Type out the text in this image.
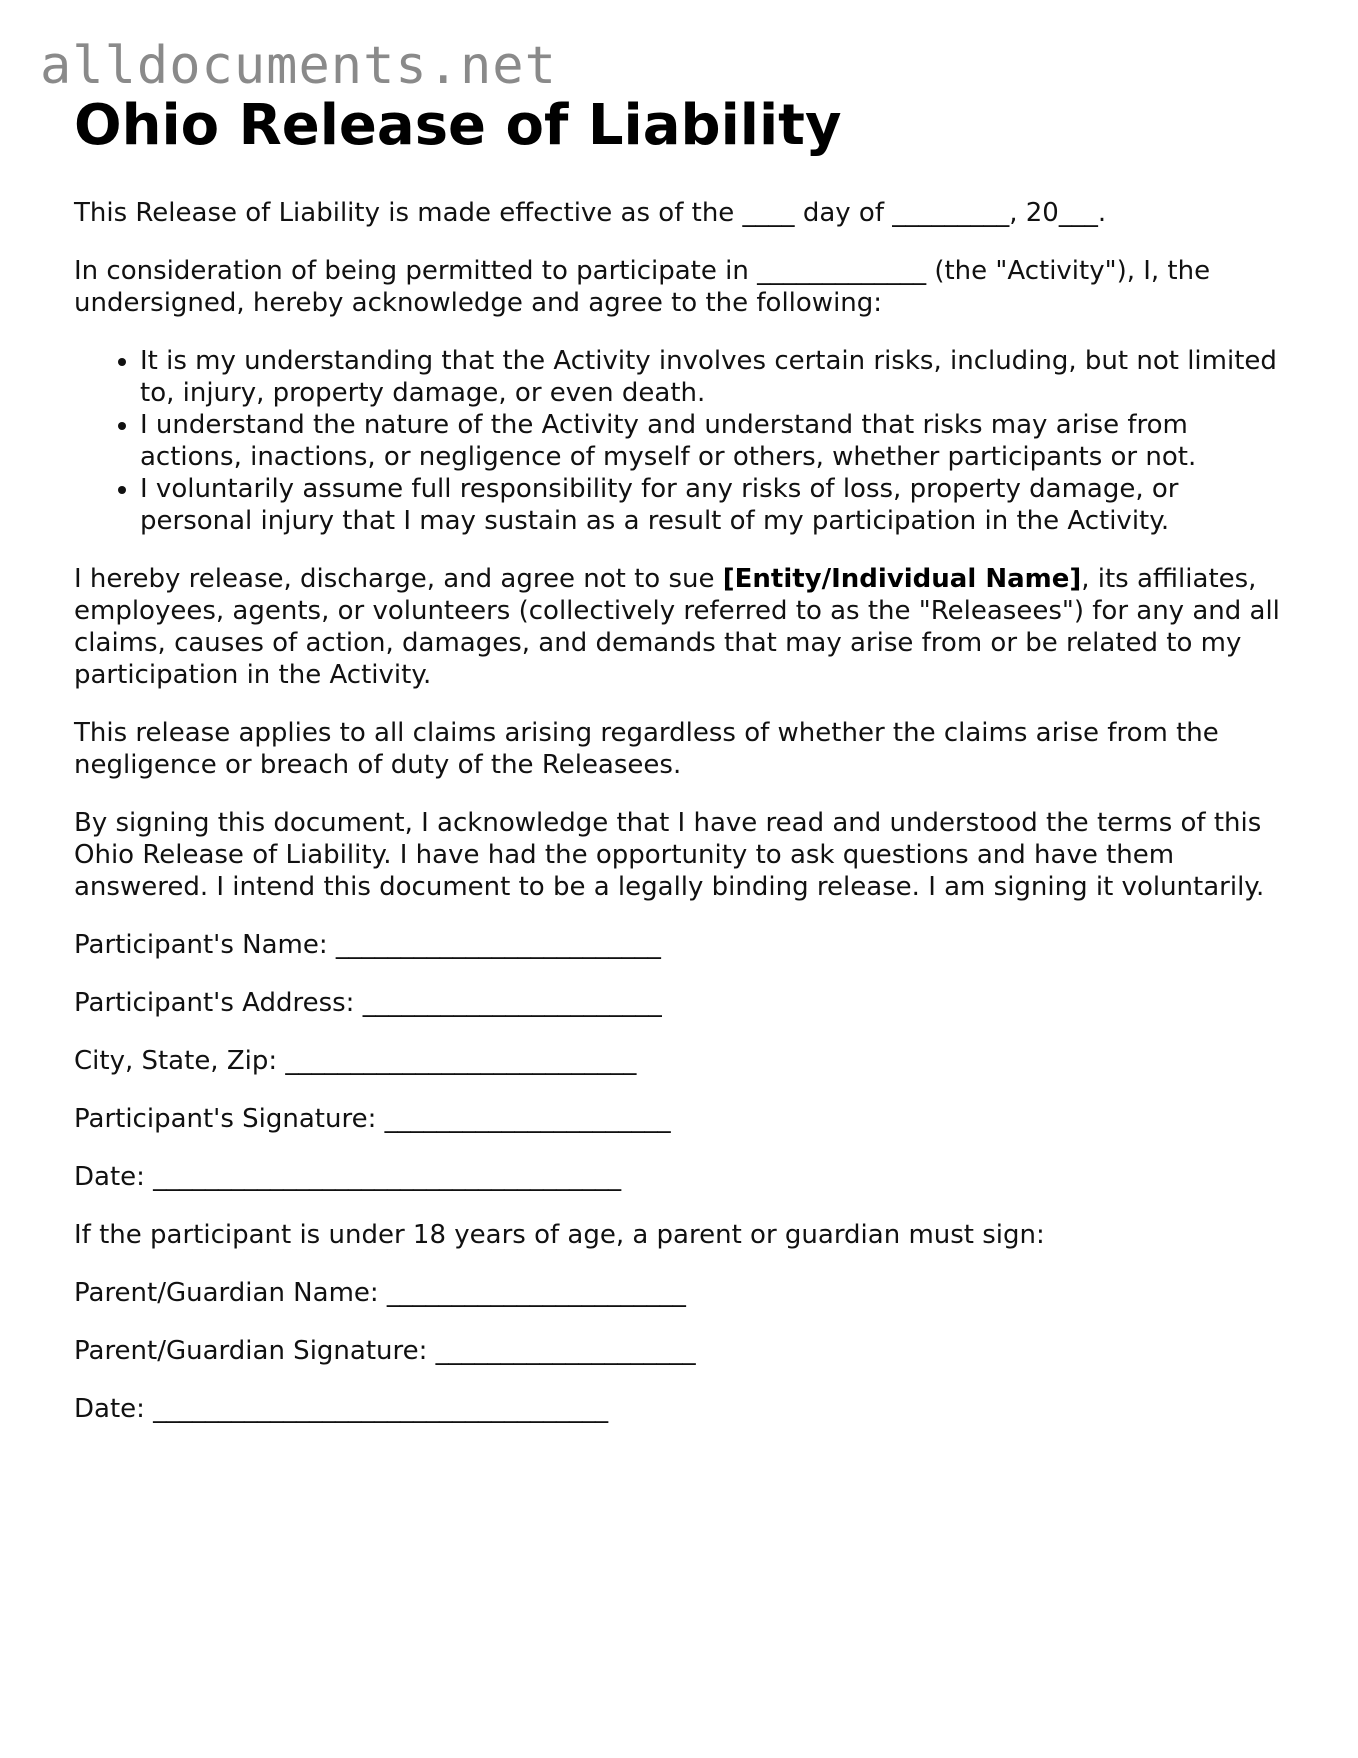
alldocuments.net
Ohio Release of Liability

This Release of Liability is made effective as of the ____ day of _________, 20___.

In consideration of being permitted to participate in _____________ (the "Activity"), I, the undersigned, hereby acknowledge and agree to the following:

• It is my understanding that the Activity involves certain risks, including, but not limited to, injury, property damage, or even death.
• I understand the nature of the Activity and understand that risks may arise from actions, inactions, or negligence of myself or others, whether participants or not.
• I voluntarily assume full responsibility for any risks of loss, property damage, or personal injury that I may sustain as a result of my participation in the Activity.

I hereby release, discharge, and agree not to sue [Entity/Individual Name], its affiliates, employees, agents, or volunteers (collectively referred to as the "Releasees") for any and all claims, causes of action, damages, and demands that may arise from or be related to my participation in the Activity.

This release applies to all claims arising regardless of whether the claims arise from the negligence or breach of duty of the Releasees.

By signing this document, I acknowledge that I have read and understood the terms of this Ohio Release of Liability. I have had the opportunity to ask questions and have them answered. I intend this document to be a legally binding release. I am signing it voluntarily.

Participant's Name: _________________________

Participant's Address: _______________________

City, State, Zip: ___________________________

Participant's Signature: ______________________

Date: ____________________________________

If the participant is under 18 years of age, a parent or guardian must sign:

Parent/Guardian Name: _______________________

Parent/Guardian Signature: ____________________

Date: ___________________________________
